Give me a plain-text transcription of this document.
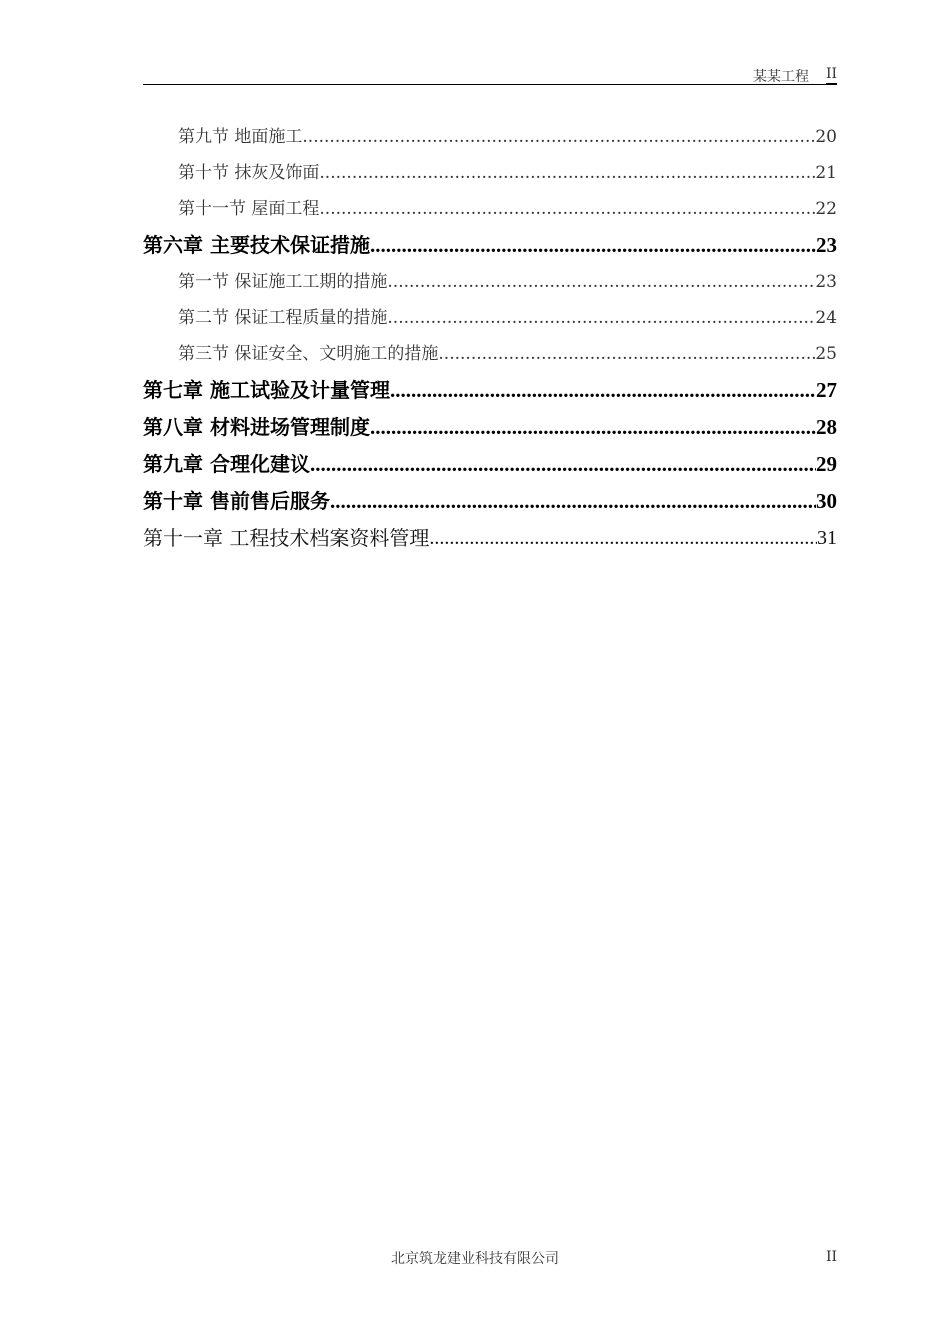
某某工程 II
第九节 地面施工 .....	20
第十节 抹灰及饰面 .....	21
第十一节 屋面工程 .....	22
第六章 主要技术保证措施 .....	23
第一节 保证施工工期的措施 .....	23
第二节 保证工程质量的措施 .....	24
第三节 保证安全、文明施工的措施 .....	25
第七章 施工试验及计量管理 .....	27
第八章 材料进场管理制度 .....	28
第九章 合理化建议 .....	29
第十章 售前售后服务 .....	30
第十一章 工程技术档案资料管理 .....	31
北京筑龙建业科技有限公司	II
